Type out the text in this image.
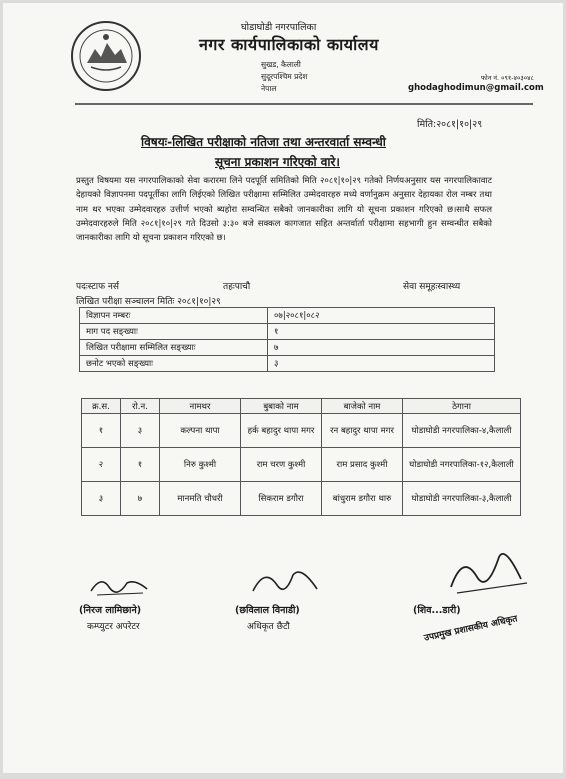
घोडाघोडी नगरपालिका
नगर कार्यपालिकाको कार्यालय
सुखड, कैलाली
सुदूरपश्चिम प्रदेश
नेपाल
फोन नं. ०९१-४०३०४८
ghodaghodimun@gmail.com
मिति:२०८१|१०|२९
विषयः-लिखित परीक्षाको नतिजा तथा अन्तरवार्ता सम्वन्धी
सूचना प्रकाशन गरिएको वारे।
प्रस्तुत विषयमा यस नगरपालिकाको सेवा करारमा लिने पदपूर्ति समितिको मिति २०८१|१०|२९ गतेको निर्णयअनुसार यस नगरपालिकावाट देहायको विज्ञापनमा पदपूर्तीका लागि लिईएको लिखित परीक्षामा सम्मिलित उम्मेदवारहरु मध्ये वर्णानुक्रम अनुसार देहायका रोल नम्बर तथा नाम थर भएका उम्मेदवारहरु उत्तीर्ण भएको ब्यहोरा सम्वन्धित सबैको जानकारीका लागि यो सूचना प्रकाशन गरिएको छ।साथै सफल उम्मेदवारहरुले मिति २०८१|१०|२९ गते दिउसो ३:३० बजे सक्कल कागजात सहित अन्तर्वार्ता परीक्षामा सहभागी हुन सम्वन्धीत सबैको जानकारीका लागि यो सूचना प्रकाशन गरिएको छ।
पदःस्टाफ नर्स	तहःपाचौ	सेवा समूहःस्वास्थ्य
लिखित परीक्षा सञ्चालन मितिः २०८१|१०|२९
विज्ञापन नम्बरः	०७|२०८१|०८२
माग पद सङ्ख्याः	१
लिखित परीक्षामा सम्मिलित सङ्ख्याः	७
छनोट भएको सङ्ख्याः	३
क्र.स.	रो.न.	नामथर	बुबाको नाम	बाजेको नाम	ठेगाना
१	३	कल्पना थापा	हर्क बहादुर थापा मगर	रन बहादुर थापा मगर	घोडाघोडी नगरपालिका-४,कैलाली
२	१	निरु कुश्मी	राम चरण कुश्मी	राम प्रसाद कुश्मी	घोडाघोडी नगरपालिका-१२,कैलाली
३	७	मानमति चौधरी	सिकराम डगौरा	बांधुराम डगौरा थारु	घोडाघोडी नगरपालिका-३,कैलाली
(निरज लामिछाने)
कम्प्युटर अपरेटर
(छविलाल विनाडी)
अधिकृत छैटौ
(शिव...डारी)
उपप्रमुख प्रशासकीय अधिकृत
